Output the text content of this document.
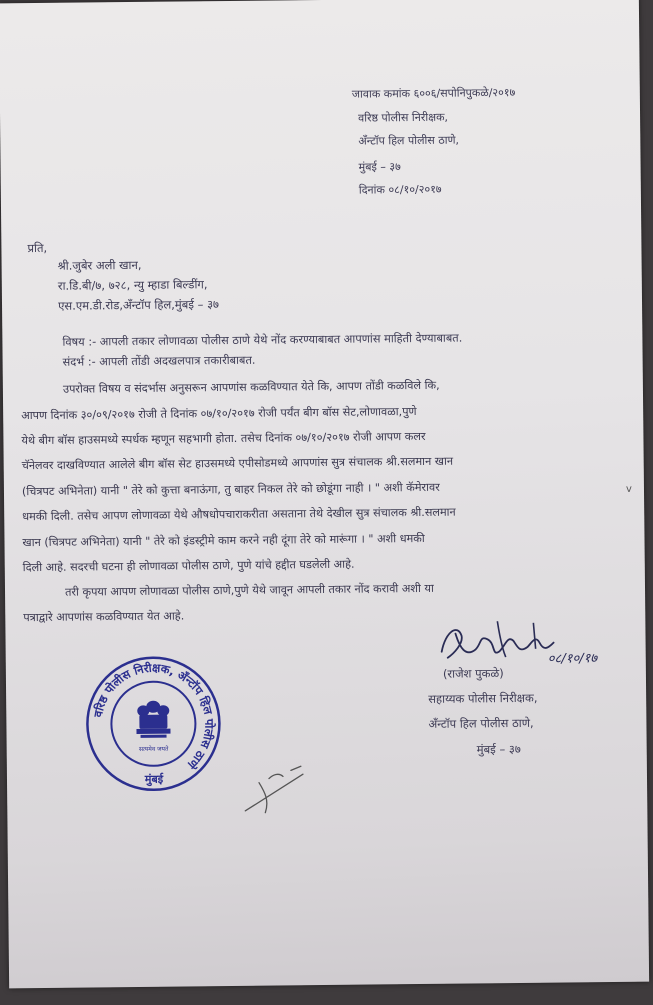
जावाक कमांक ६००६/सपोनिपुकळे/२०१७
वरिष्ठ पोलीस निरीक्षक,
अँन्टॉप हिल पोलीस ठाणे,
मुंबई – ३७
दिनांक ०८/१०/२०१७
प्रति,
श्री.जुबेर अली खान,
रा.डि.बी/७, ७२८, न्यु म्हाडा बिल्डींग,
एस.एम.डी.रोड,अँन्टॉप हिल,मुंबई – ३७
विषय :- आपली तकार लोणावळा पोलीस ठाणे येथे नोंद करण्याबाबत आपणांस माहिती देण्याबाबत.
संदर्भ :- आपली तोंडी अदखलपात्र तकारीबाबत.
उपरोक्त विषय व संदर्भास अनुसरून आपणांस कळविण्यात येते कि, आपण तोंडी कळविले कि,
आपण दिनांक ३०/०९/२०१७ रोजी ते दिनांक ०७/१०/२०१७ रोजी पर्यंत बीग बॉस सेट,लोणावळा,पुणे
येथे बीग बॉस हाउसमध्ये स्पर्धक म्हणून सहभागी होता. तसेच दिनांक ०७/१०/२०१७ रोजी आपण कलर
चॅनेलवर दाखविण्यात आलेले बीग बॉस सेट हाउसमध्ये एपीसोडमध्ये आपणांस सुत्र संचालक श्री.सलमान खान
(चित्रपट अभिनेता) यानी " तेरे को कुत्ता बनाऊंगा, तु बाहर निकल तेरे को छोडूंगा नाही । " अशी कॅमेरावर
धमकी दिली. तसेच आपण लोणावळा येथे औषधोपचाराकरीता असताना तेथे देखील सुत्र संचालक श्री.सलमान
खान (चित्रपट अभिनेता) यानी " तेरे को इंडस्ट्रीमे काम करने नही दूंगा तेरे को मारूंगा । " अशी धमकी
दिली आहे. सदरची घटना ही लोणावळा पोलीस ठाणे, पुणे यांचे हद्दीत घडलेली आहे.
तरी कृपया आपण लोणावळा पोलीस ठाणे,पुणे येथे जावून आपली तकार नोंद करावी अशी या
पत्राद्वारे आपणांस कळविण्यात येत आहे.
०८/१०/१७
(राजेश पुकळे)
सहाय्यक पोलीस निरीक्षक,
अँन्टॉप हिल पोलीस ठाणे,
मुंबई – ३७
वरिष्ठ पोलीस निरीक्षक, अँन्टॉप हिल पोलीस ठाणे
मुंबई
सत्यमेव जयते
v
